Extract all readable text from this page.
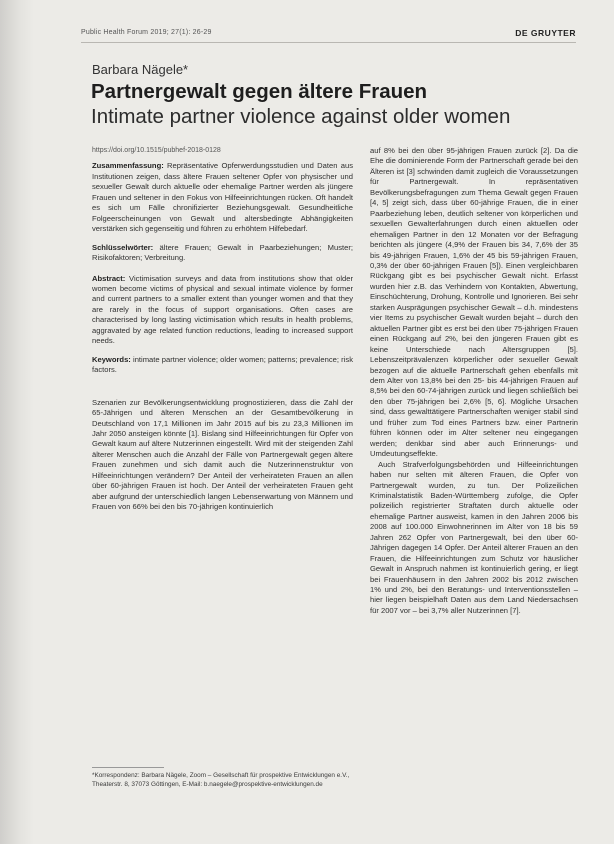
Public Health Forum 2019; 27(1): 26-29	DE GRUYTER
Barbara Nägele*
Partnergewalt gegen ältere Frauen
Intimate partner violence against older women

https://doi.org/10.1515/pubhef-2018-0128

Zusammenfassung: Repräsentative Opferwerdungsstudien und Daten aus Institutionen zeigen, dass ältere Frauen seltener Opfer von physischer und sexueller Gewalt durch aktuelle oder ehemalige Partner werden als jüngere Frauen und seltener in den Fokus von Hilfeeinrichtungen rücken. Oft handelt es sich um Fälle chronifizierter Beziehungsgewalt. Gesundheitliche Folgeerscheinungen von Gewalt und altersbedingte Abhängigkeiten verstärken sich gegenseitig und führen zu erhöhtem Hilfebedarf.

Schlüsselwörter: ältere Frauen; Gewalt in Paarbeziehungen; Muster; Risikofaktoren; Verbreitung.

Abstract: Victimisation surveys and data from institutions show that older women become victims of physical and sexual intimate violence by former and current partners to a smaller extent than younger women and that they are rarely in the focus of support organisations. Often cases are characterised by long lasting victimisation which results in health problems, aggravated by age related function reductions, leading to increased support needs.

Keywords: intimate partner violence; older women; patterns; prevalence; risk factors.

Szenarien zur Bevölkerungsentwicklung prognostizieren, dass die Zahl der 65-Jährigen und älteren Menschen an der Gesamtbevölkerung in Deutschland von 17,1 Millionen im Jahr 2015 auf bis zu 23,3 Millionen im Jahr 2050 ansteigen könnte [1]. Bislang sind Hilfeeinrichtungen für Opfer von Gewalt kaum auf ältere Nutzerinnen eingestellt. Wird mit der steigenden Zahl älterer Menschen auch die Anzahl der Fälle von Partnergewalt gegen ältere Frauen zunehmen und sich damit auch die Nutzerinnenstruktur von Hilfeeinrichtungen verändern? Der Anteil der verheirateten Frauen an allen über 60-jährigen Frauen ist hoch. Der Anteil der verheirateten Frauen geht aber aufgrund der unterschiedlich langen Lebenserwartung von Männern und Frauen von 66% bei den bis 70-jährigen kontinuierlich

*Korrespondenz: Barbara Nägele, Zoom – Gesellschaft für prospektive Entwicklungen e.V., Theaterstr. 8, 37073 Göttingen, E-Mail: b.naegele@prospektive-entwicklungen.de

auf 8% bei den über 95-jährigen Frauen zurück [2]. Da die Ehe die dominierende Form der Partnerschaft gerade bei den Älteren ist [3] schwinden damit zugleich die Voraussetzungen für Partnergewalt. In repräsentativen Bevölkerungsbefragungen zum Thema Gewalt gegen Frauen [4, 5] zeigt sich, dass über 60-jährige Frauen, die in einer Paarbeziehung leben, deutlich seltener von körperlichen und sexuellen Gewalterfahrungen durch einen aktuellen oder ehemaligen Partner in den 12 Monaten vor der Befragung berichten als jüngere (4,9% der Frauen bis 34, 7,6% der 35 bis 49-jährigen Frauen, 1,6% der 45 bis 59-jährigen Frauen, 0,3% der über 60-jährigen Frauen [5]). Einen vergleichbaren Rückgang gibt es bei psychischer Gewalt nicht. Erfasst wurden hier z.B. das Verhindern von Kontakten, Abwertung, Einschüchterung, Drohung, Kontrolle und Ignorieren. Bei sehr starken Ausprägungen psychischer Gewalt – d.h. mindestens vier Items zu psychischer Gewalt wurden bejaht – durch den aktuellen Partner gibt es erst bei den über 75-jährigen Frauen einen Rückgang auf 2%, bei den jüngeren Frauen gibt es keine Unterschiede nach Altersgruppen [5]. Lebenszeitprävalenzen körperlicher oder sexueller Gewalt bezogen auf die aktuelle Partnerschaft gehen ebenfalls mit dem Alter von 13,8% bei den 25- bis 44-jährigen Frauen auf 8,5% bei den 60-74-jährigen zurück und liegen schließlich bei den über 75-jährigen bei 2,6% [5, 6]. Mögliche Ursachen sind, dass gewalttätigere Partnerschaften weniger stabil sind und früher zum Tod eines Partners bzw. einer Partnerin führen können oder im Alter seltener neu eingegangen werden; denkbar sind aber auch Erinnerungs- und Umdeutungseffekte.

Auch Strafverfolgungsbehörden und Hilfeeinrichtungen haben nur selten mit älteren Frauen, die Opfer von Partnergewalt wurden, zu tun. Der Polizeilichen Kriminalstatistik Baden-Württemberg zufolge, die Opfer polizeilich registrierter Straftaten durch aktuelle oder ehemalige Partner ausweist, kamen in den Jahren 2006 bis 2008 auf 100.000 Einwohnerinnen im Alter von 18 bis 59 Jahren 262 Opfer von Partnergewalt, bei den über 60-Jährigen dagegen 14 Opfer. Der Anteil älterer Frauen an den Frauen, die Hilfeeinrichtungen zum Schutz vor häuslicher Gewalt in Anspruch nahmen ist kontinuierlich gering, er liegt bei Frauenhäusern in den Jahren 2002 bis 2012 zwischen 1% und 2%, bei den Beratungs- und Interventionsstellen – hier liegen beispielhaft Daten aus dem Land Niedersachsen für 2007 vor – bei 3,7% aller Nutzerinnen [7].
